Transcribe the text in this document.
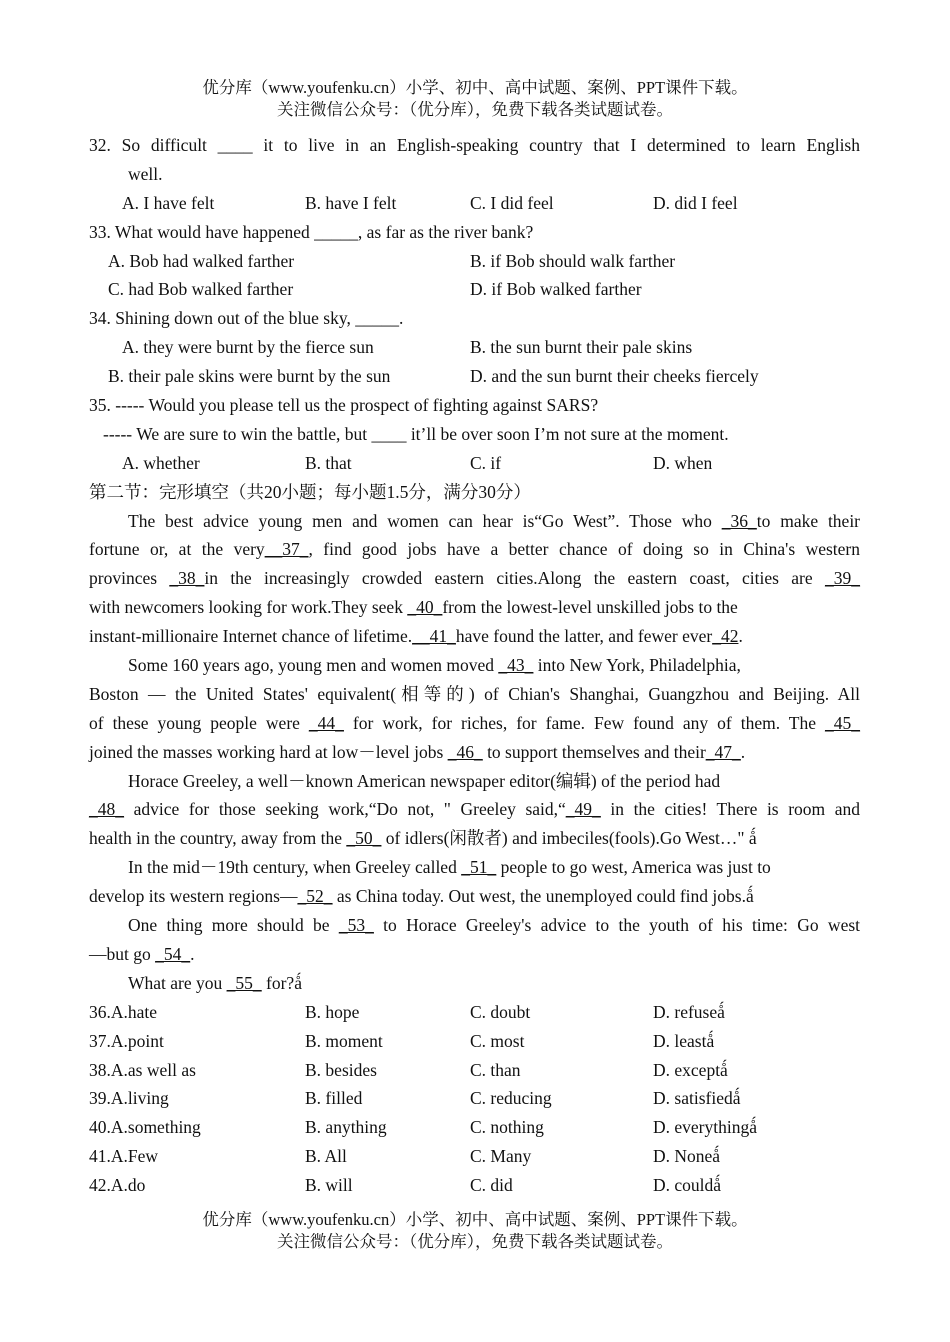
优分库（www.youfenku.cn）小学、初中、高中试题、案例、PPT课件下载。
关注微信公众号：（优分库），免费下载各类试题试卷。
32. So difficult ____ it to live in an English-speaking country that I determined to learn English
well.
A. I have felt	B. have I felt	C. I did feel	D. did I feel
33. What would have happened _____, as far as the river bank?
A. Bob had walked farther	B. if Bob should walk farther
C. had Bob walked farther	D. if Bob walked farther
34. Shining down out of the blue sky, _____.
A. they were burnt by the fierce sun	B. the sun burnt their pale skins
B. their pale skins were burnt by the sun	D. and the sun burnt their cheeks fiercely
35. ----- Would you please tell us the prospect of fighting against SARS?
----- We are sure to win the battle, but ____ it’ll be over soon I’m not sure at the moment.
A. whether	B. that	C. if	D. when
第二节：完形填空（共20小题；每小题1.5分，满分30分）
The best advice young men and women can hear is“Go West”. Those who _36_to make their
fortune or, at the very__37_, find good jobs have a better chance of doing so in China's western
provinces _38_in the increasingly crowded eastern cities.Along the eastern coast, cities are _39_
with newcomers looking for work.They seek _40_from the lowest-level unskilled jobs to the
instant-millionaire Internet chance of lifetime.__41_have found the latter, and fewer ever_42.
Some 160 years ago, young men and women moved _43_ into New York, Philadelphia,
Boston — the United States' equivalent(相等的) of Chian's Shanghai, Guangzhou and Beijing. All
of these young people were _44_ for work, for riches, for fame. Few found any of them. The _45_
joined the masses working hard at low－level jobs _46_ to support themselves and their_47_.
Horace Greeley, a well－known American newspaper editor(编辑) of the period had
_48_ advice for those seeking work,“Do not, " Greeley said,“_49_ in the cities! There is room and
health in the country, away from the _50_ of idlers(闲散者) and imbeciles(fools).Go West…" ǻ
In the mid－19th century, when Greeley called _51_ people to go west, America was just to
develop its western regions—_52_ as China today. Out west, the unemployed could find jobs.ǻ
One thing more should be _53_ to Horace Greeley's advice to the youth of his time: Go west
—but go _54_.
What are you _55_ for?ǻ
36.A.hate	B. hope	C. doubt	D. refuseǻ
37.A.point	B. moment	C. most	D. leastǻ
38.A.as well as	B. besides	C. than	D. exceptǻ
39.A.living	B. filled	C. reducing	D. satisfiedǻ
40.A.something	B. anything	C. nothing	D. everythingǻ
41.A.Few	B. All	C. Many	D. Noneǻ
42.A.do	B. will	C. did	D. couldǻ
优分库（www.youfenku.cn）小学、初中、高中试题、案例、PPT课件下载。
关注微信公众号：（优分库），免费下载各类试题试卷。
